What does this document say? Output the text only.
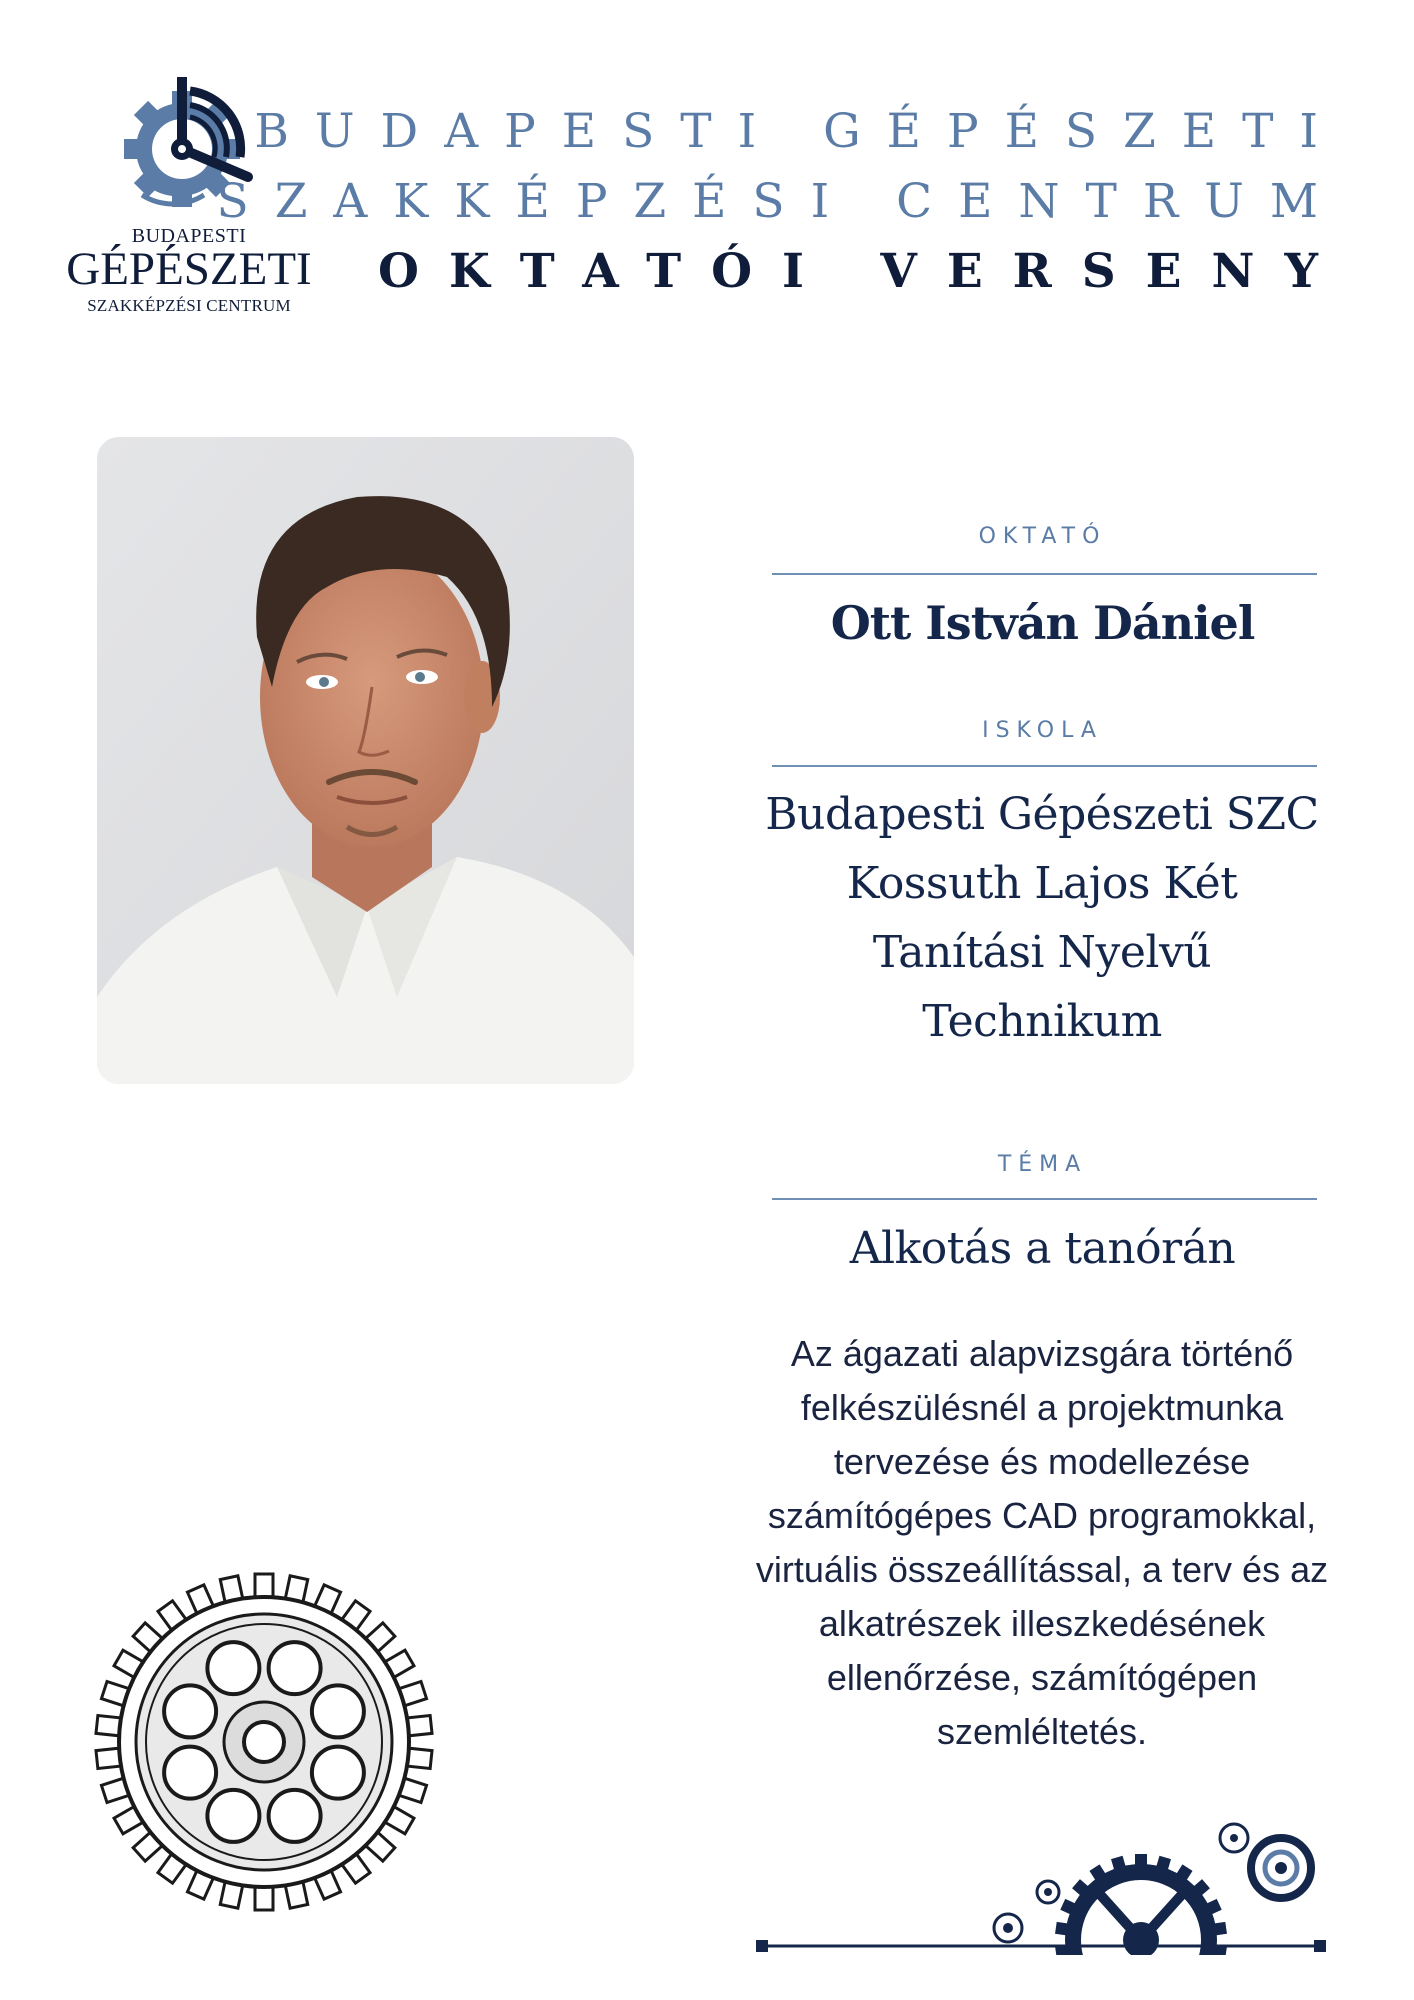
BUDAPESTI
GÉPÉSZETI
SZAKKÉPZÉSI CENTRUM
BUDAPESTI GÉPÉSZETI
SZAKKÉPZÉSI CENTRUM
OKTATÓI VERSENY
OKTATÓ
Ott István Dániel
ISKOLA
Budapesti Gépészeti SZC
Kossuth Lajos Két
Tanítási Nyelvű
Technikum
TÉMA
Alkotás a tanórán
Az ágazati alapvizsgára történő
felkészülésnél a projektmunka
tervezése és modellezése
számítógépes CAD programokkal,
virtuális összeállítással, a terv és az
alkatrészek illeszkedésének
ellenőrzése, számítógépen
szemléltetés.
